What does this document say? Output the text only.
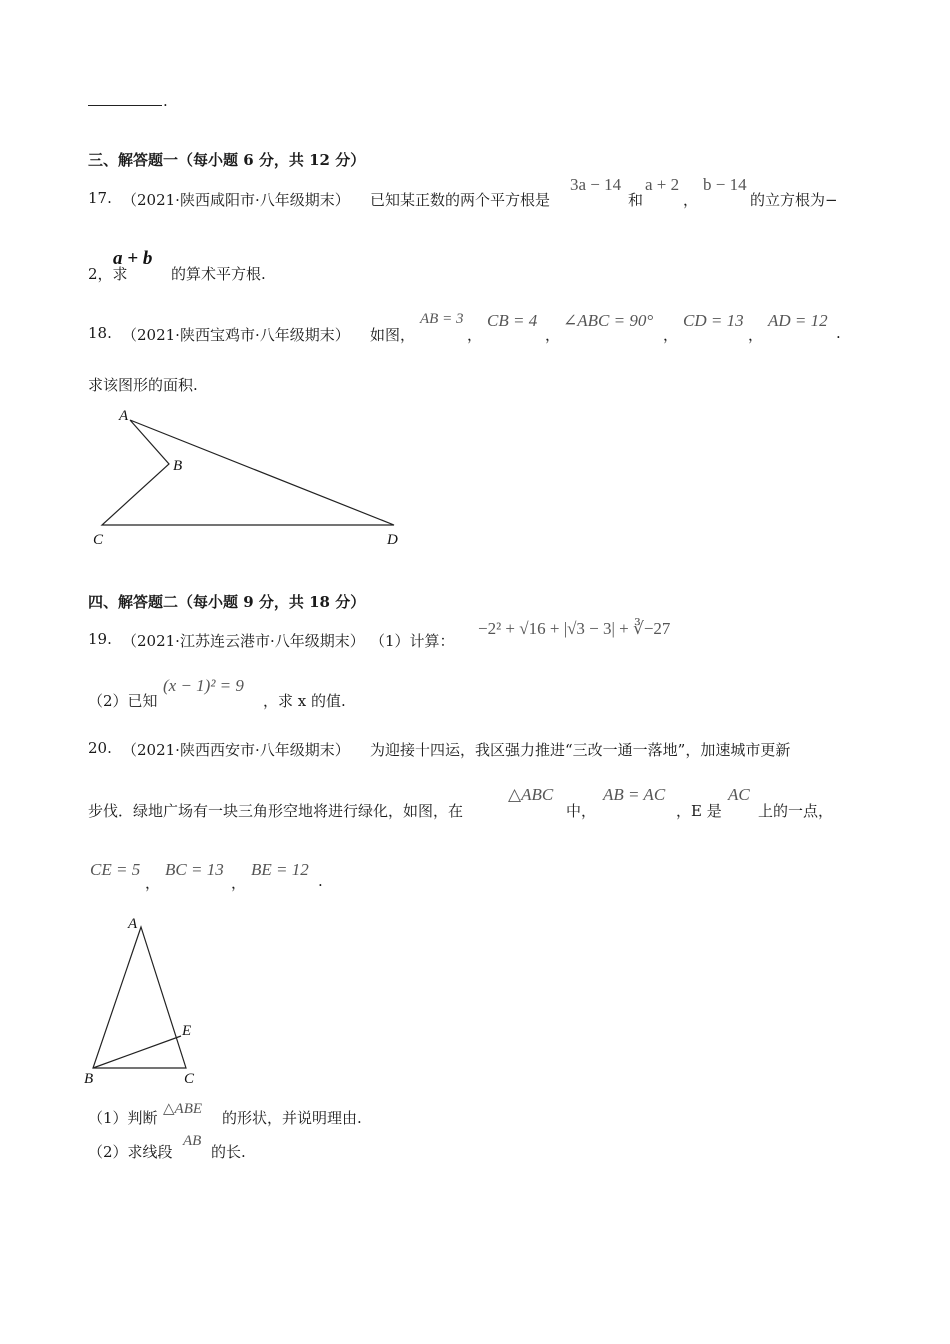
.
三、解答题一（每小题 6 分，共 12 分）
17. （2021·陕西咸阳市·八年级期末） 已知某正数的两个平方根是
3a − 14
和
a + 2
，
b − 14
的立方根为−
2，求
a + b
的算术平方根.
18. （2021·陕西宝鸡市·八年级期末） 如图，
AB = 3
，
CB = 4
，
∠ABC = 90°
，
CD = 13
，
AD = 12
.
求该图形的面积.
A
B
C	D
四、解答题二（每小题 9 分，共 18 分）
19. （2021·江苏连云港市·八年级期末） （1）计算：
−2² + √16 + |√3 − 3| + ∛−27
（2）已知
(x − 1)² = 9
，求 x 的值.
20. （2021·陕西西安市·八年级期末） 为迎接十四运，我区强力推进“三改一通一落地”，加速城市更新
步伐．绿地广场有一块三角形空地将进行绿化，如图，在
△ABC
中，
AB = AC
，E 是
AC
上的一点，
CE = 5
，
BC = 13
，
BE = 12
.
A
E
B	C
（1）判断 △ABE 的形状，并说明理由.
（2）求线段
AB
的长.
